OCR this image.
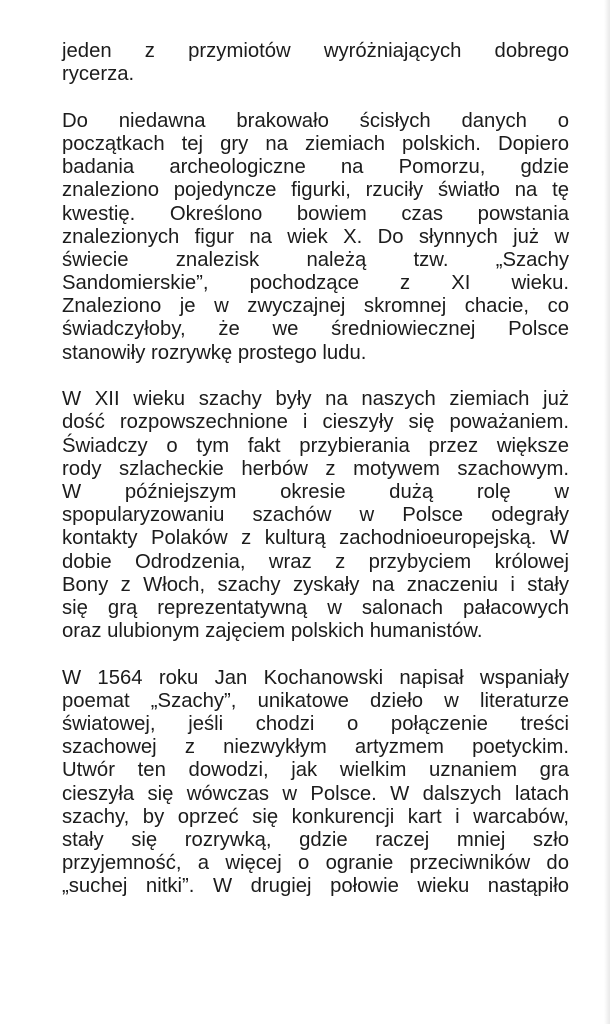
jeden z przymiotów wyróżniających dobrego
rycerza.
Do niedawna brakowało ścisłych danych o
początkach tej gry na ziemiach polskich. Dopiero
badania archeologiczne na Pomorzu, gdzie
znaleziono pojedyncze figurki, rzuciły światło na tę
kwestię. Określono bowiem czas powstania
znalezionych figur na wiek X. Do słynnych już w
świecie znalezisk należą tzw. „Szachy
Sandomierskie”, pochodzące z XI wieku.
Znaleziono je w zwyczajnej skromnej chacie, co
świadczyłoby, że we średniowiecznej Polsce
stanowiły rozrywkę prostego ludu.
W XII wieku szachy były na naszych ziemiach już
dość rozpowszechnione i cieszyły się poważaniem.
Świadczy o tym fakt przybierania przez większe
rody szlacheckie herbów z motywem szachowym.
W późniejszym okresie dużą rolę w
spopularyzowaniu szachów w Polsce odegrały
kontakty Polaków z kulturą zachodnioeuropejską. W
dobie Odrodzenia, wraz z przybyciem królowej
Bony z Włoch, szachy zyskały na znaczeniu i stały
się grą reprezentatywną w salonach pałacowych
oraz ulubionym zajęciem polskich humanistów.
W 1564 roku Jan Kochanowski napisał wspaniały
poemat „Szachy”, unikatowe dzieło w literaturze
światowej, jeśli chodzi o połączenie treści
szachowej z niezwykłym artyzmem poetyckim.
Utwór ten dowodzi, jak wielkim uznaniem gra
cieszyła się wówczas w Polsce. W dalszych latach
szachy, by oprzeć się konkurencji kart i warcabów,
stały się rozrywką, gdzie raczej mniej szło
przyjemność, a więcej o ogranie przeciwników do
„suchej nitki”. W drugiej połowie wieku nastąpiło
